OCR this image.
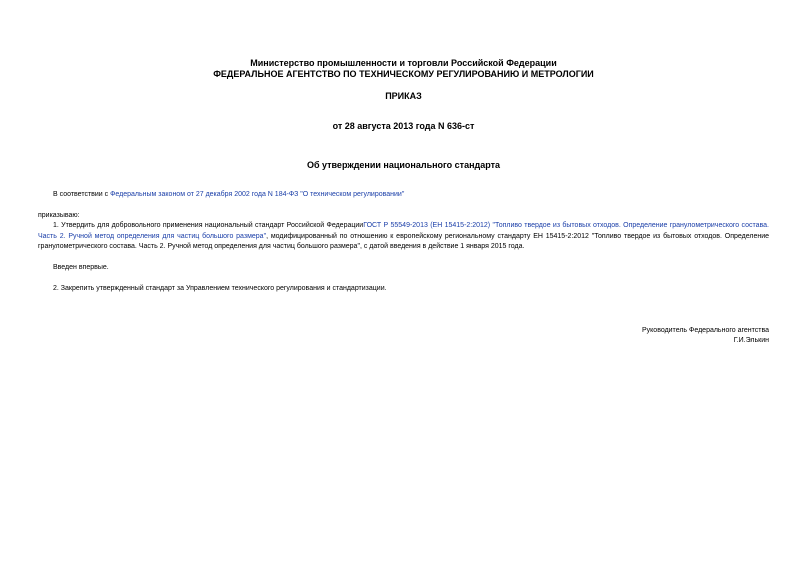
Министерство промышленности и торговли Российской Федерации
ФЕДЕРАЛЬНОЕ АГЕНТСТВО ПО ТЕХНИЧЕСКОМУ РЕГУЛИРОВАНИЮ И МЕТРОЛОГИИ
ПРИКАЗ
от 28 августа 2013 года N 636-ст
Об утверждении национального стандарта
В соответствии с Федеральным законом от 27 декабря 2002 года N 184-ФЗ "О техническом регулировании"
приказываю:
1. Утвердить для добровольного применения национальный стандарт Российской ФедерацииГОСТ Р 55549-2013 (ЕН 15415-2:2012) "Топливо твердое из бытовых отходов. Определение гранулометрического состава. Часть 2. Ручной метод определения для частиц большого размера", модифицированный по отношению к европейскому региональному стандарту ЕН 15415-2:2012 "Топливо твердое из бытовых отходов. Определение гранулометрического состава. Часть 2. Ручной метод определения для частиц большого размера", с датой введения в действие 1 января 2015 года.
Введен впервые.
2. Закрепить утвержденный стандарт за Управлением технического регулирования и стандартизации.
Руководитель Федерального агентства
Г.И.Элькин
